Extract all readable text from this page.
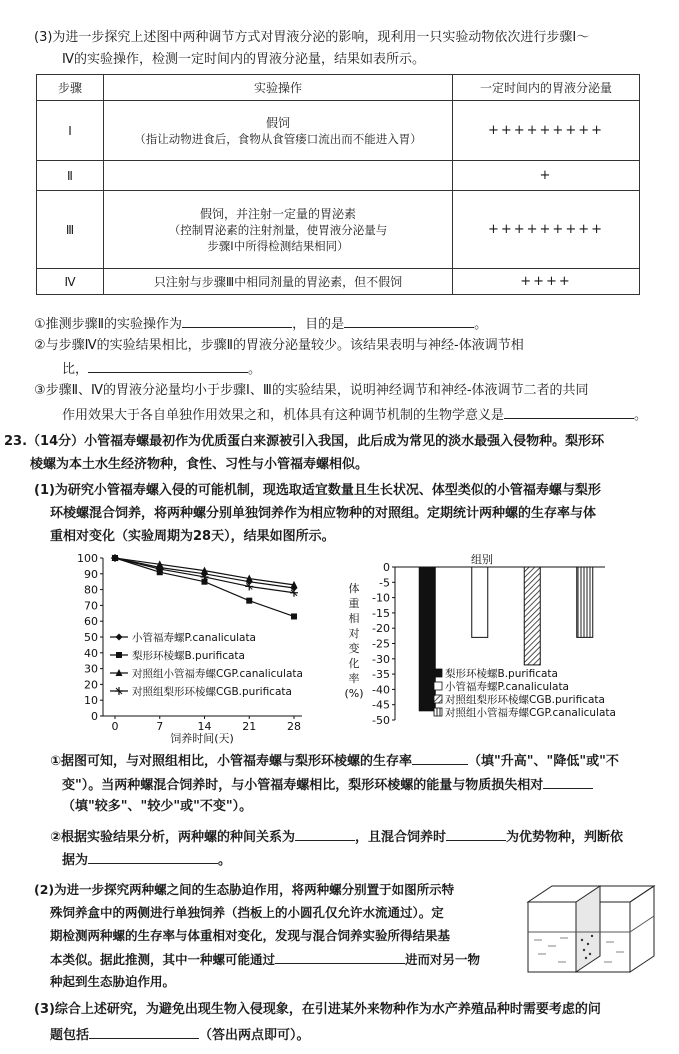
(3)为进一步探究上述图中两种调节方式对胃液分泌的影响，现利用一只实验动物依次进行步骤Ⅰ～
Ⅳ的实验操作，检测一定时间内的胃液分泌量，结果如表所示。
步骤	实验操作	一定时间内的胃液分泌量
Ⅰ	假饲
（指让动物进食后，食物从食管瘘口流出而不能进入胃）	+++++++++
Ⅱ		+
Ⅲ	假饲，并注射一定量的胃泌素
（控制胃泌素的注射剂量，使胃液分泌量与
步骤Ⅰ中所得检测结果相同）	+++++++++
Ⅳ	只注射与步骤Ⅲ中相同剂量的胃泌素，但不假饲	++++
①推测步骤Ⅱ的实验操作为	，目的是	。
②与步骤Ⅳ的实验结果相比，步骤Ⅱ的胃液分泌量较少。该结果表明与神经-体液调节相
比，	。
③步骤Ⅱ、Ⅳ的胃液分泌量均小于步骤Ⅰ、Ⅲ的实验结果，说明神经调节和神经-体液调节二者的共同
作用效果大于各自单独作用效果之和，机体具有这种调节机制的生物学意义是	。
23.（14分）小管福寿螺最初作为优质蛋白来源被引入我国，此后成为常见的淡水最强入侵物种。梨形环
棱螺为本土水生经济物种，食性、习性与小管福寿螺相似。
(1)为研究小管福寿螺入侵的可能机制，现选取适宜数量且生长状况、体型类似的小管福寿螺与梨形
环棱螺混合饲养，将两种螺分别单独饲养作为相应物种的对照组。定期统计两种螺的生存率与体
重相对变化（实验周期为28天），结果如图所示。
0
10
20
30
40
50
60
70
80
90
100
0	7	14	21	28
小管福寿螺P.canaliculata
梨形环棱螺B.purificata
对照组小管福寿螺CGP.canaliculata
对照组梨形环棱螺CGB.purificata
饲养时间(天)
组别
0
-5
-10
-15
-20
-25
-30
-35
-40
-45
-50
梨形环棱螺B.purificata
小管福寿螺P.canaliculata
对照组梨形环棱螺CGB.purificata
对照组小管福寿螺CGP.canaliculata
体
重
相
对
变
化
率
(%)
①据图可知，与对照组相比，小管福寿螺与梨形环棱螺的生存率	（填"升高"、"降低"或"不
变"）。当两种螺混合饲养时，与小管福寿螺相比，梨形环棱螺的能量与物质损失相对
（填"较多"、"较少"或"不变"）。
②根据实验结果分析，两种螺的种间关系为	，且混合饲养时	为优势物种，判断依
据为	。
(2)为进一步探究两种螺之间的生态胁迫作用，将两种螺分别置于如图所示特
殊饲养盒中的两侧进行单独饲养（挡板上的小圆孔仅允许水流通过）。定
期检测两种螺的生存率与体重相对变化，发现与混合饲养实验所得结果基
本类似。据此推测，其中一种螺可能通过	进而对另一物
种起到生态胁迫作用。
(3)综合上述研究，为避免出现生物入侵现象，在引进某外来物种作为水产养殖品种时需要考虑的问
题包括	（答出两点即可）。
